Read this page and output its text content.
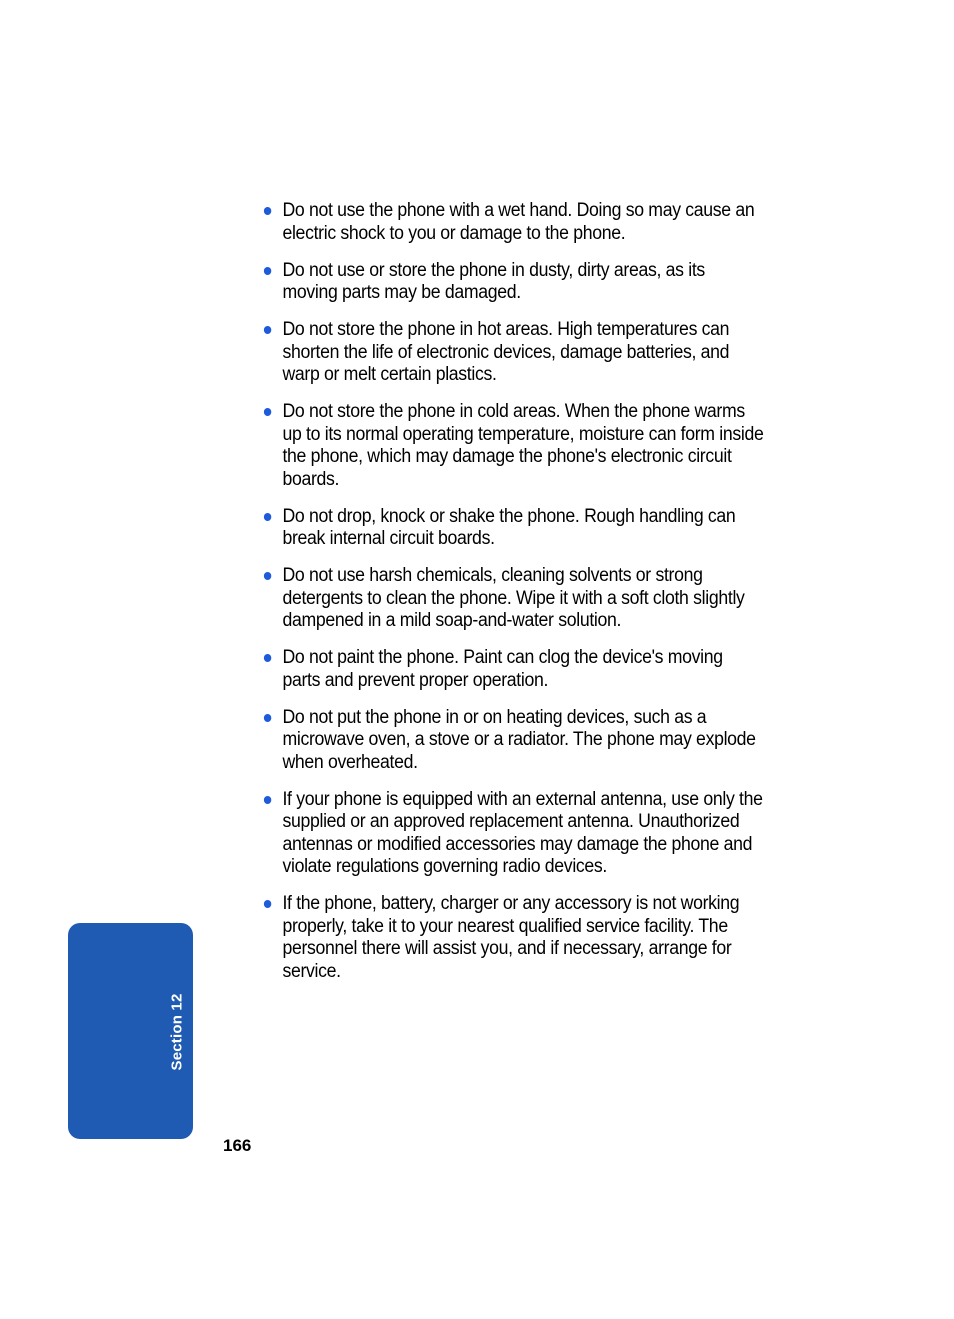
Do not use the phone with a wet hand. Doing so may cause an electric shock to you or damage to the phone.
Do not use or store the phone in dusty, dirty areas, as its moving parts may be damaged.
Do not store the phone in hot areas. High temperatures can shorten the life of electronic devices, damage batteries, and warp or melt certain plastics.
Do not store the phone in cold areas. When the phone warms up to its normal operating temperature, moisture can form inside the phone, which may damage the phone's electronic circuit boards.
Do not drop, knock or shake the phone. Rough handling can break internal circuit boards.
Do not use harsh chemicals, cleaning solvents or strong detergents to clean the phone. Wipe it with a soft cloth slightly dampened in a mild soap-and-water solution.
Do not paint the phone. Paint can clog the device's moving parts and prevent proper operation.
Do not put the phone in or on heating devices, such as a microwave oven, a stove or a radiator. The phone may explode when overheated.
If your phone is equipped with an external antenna, use only the supplied or an approved replacement antenna. Unauthorized antennas or modified accessories may damage the phone and violate regulations governing radio devices.
If the phone, battery, charger or any accessory is not working properly, take it to your nearest qualified service facility. The personnel there will assist you, and if necessary, arrange for service.
Section 12
166
